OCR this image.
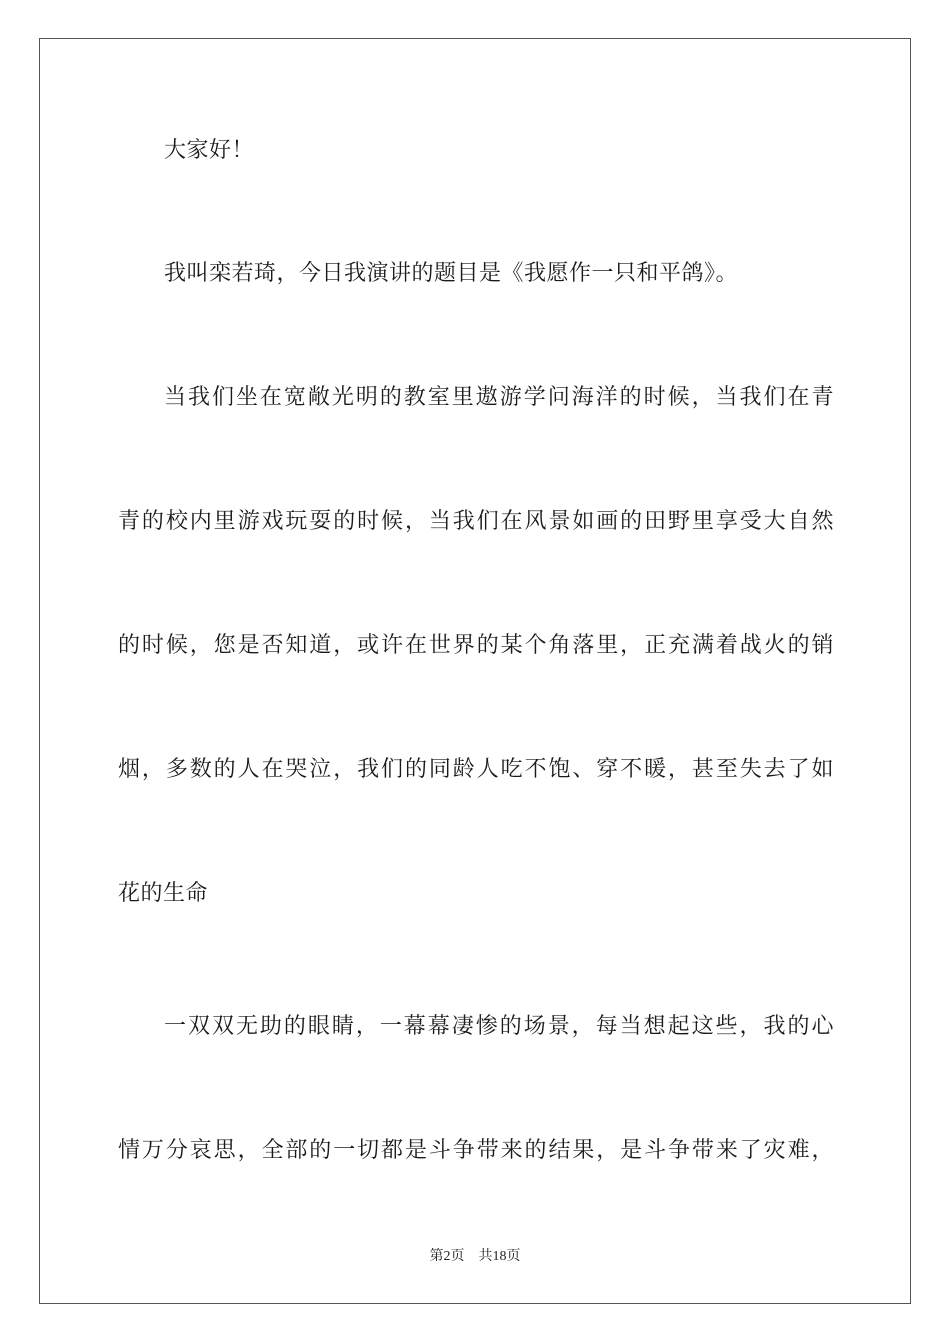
大家好！
我叫栾若琦，今日我演讲的题目是《我愿作一只和平鸽》。
当我们坐在宽敞光明的教室里遨游学问海洋的时候，当我们在青
青的校内里游戏玩耍的时候，当我们在风景如画的田野里享受大自然
的时候，您是否知道，或许在世界的某个角落里，正充满着战火的销
烟，多数的人在哭泣，我们的同龄人吃不饱、穿不暖，甚至失去了如
花的生命
一双双无助的眼睛，一幕幕凄惨的场景，每当想起这些，我的心
情万分哀思，全部的一切都是斗争带来的结果，是斗争带来了灾难，
第2页 共18页
